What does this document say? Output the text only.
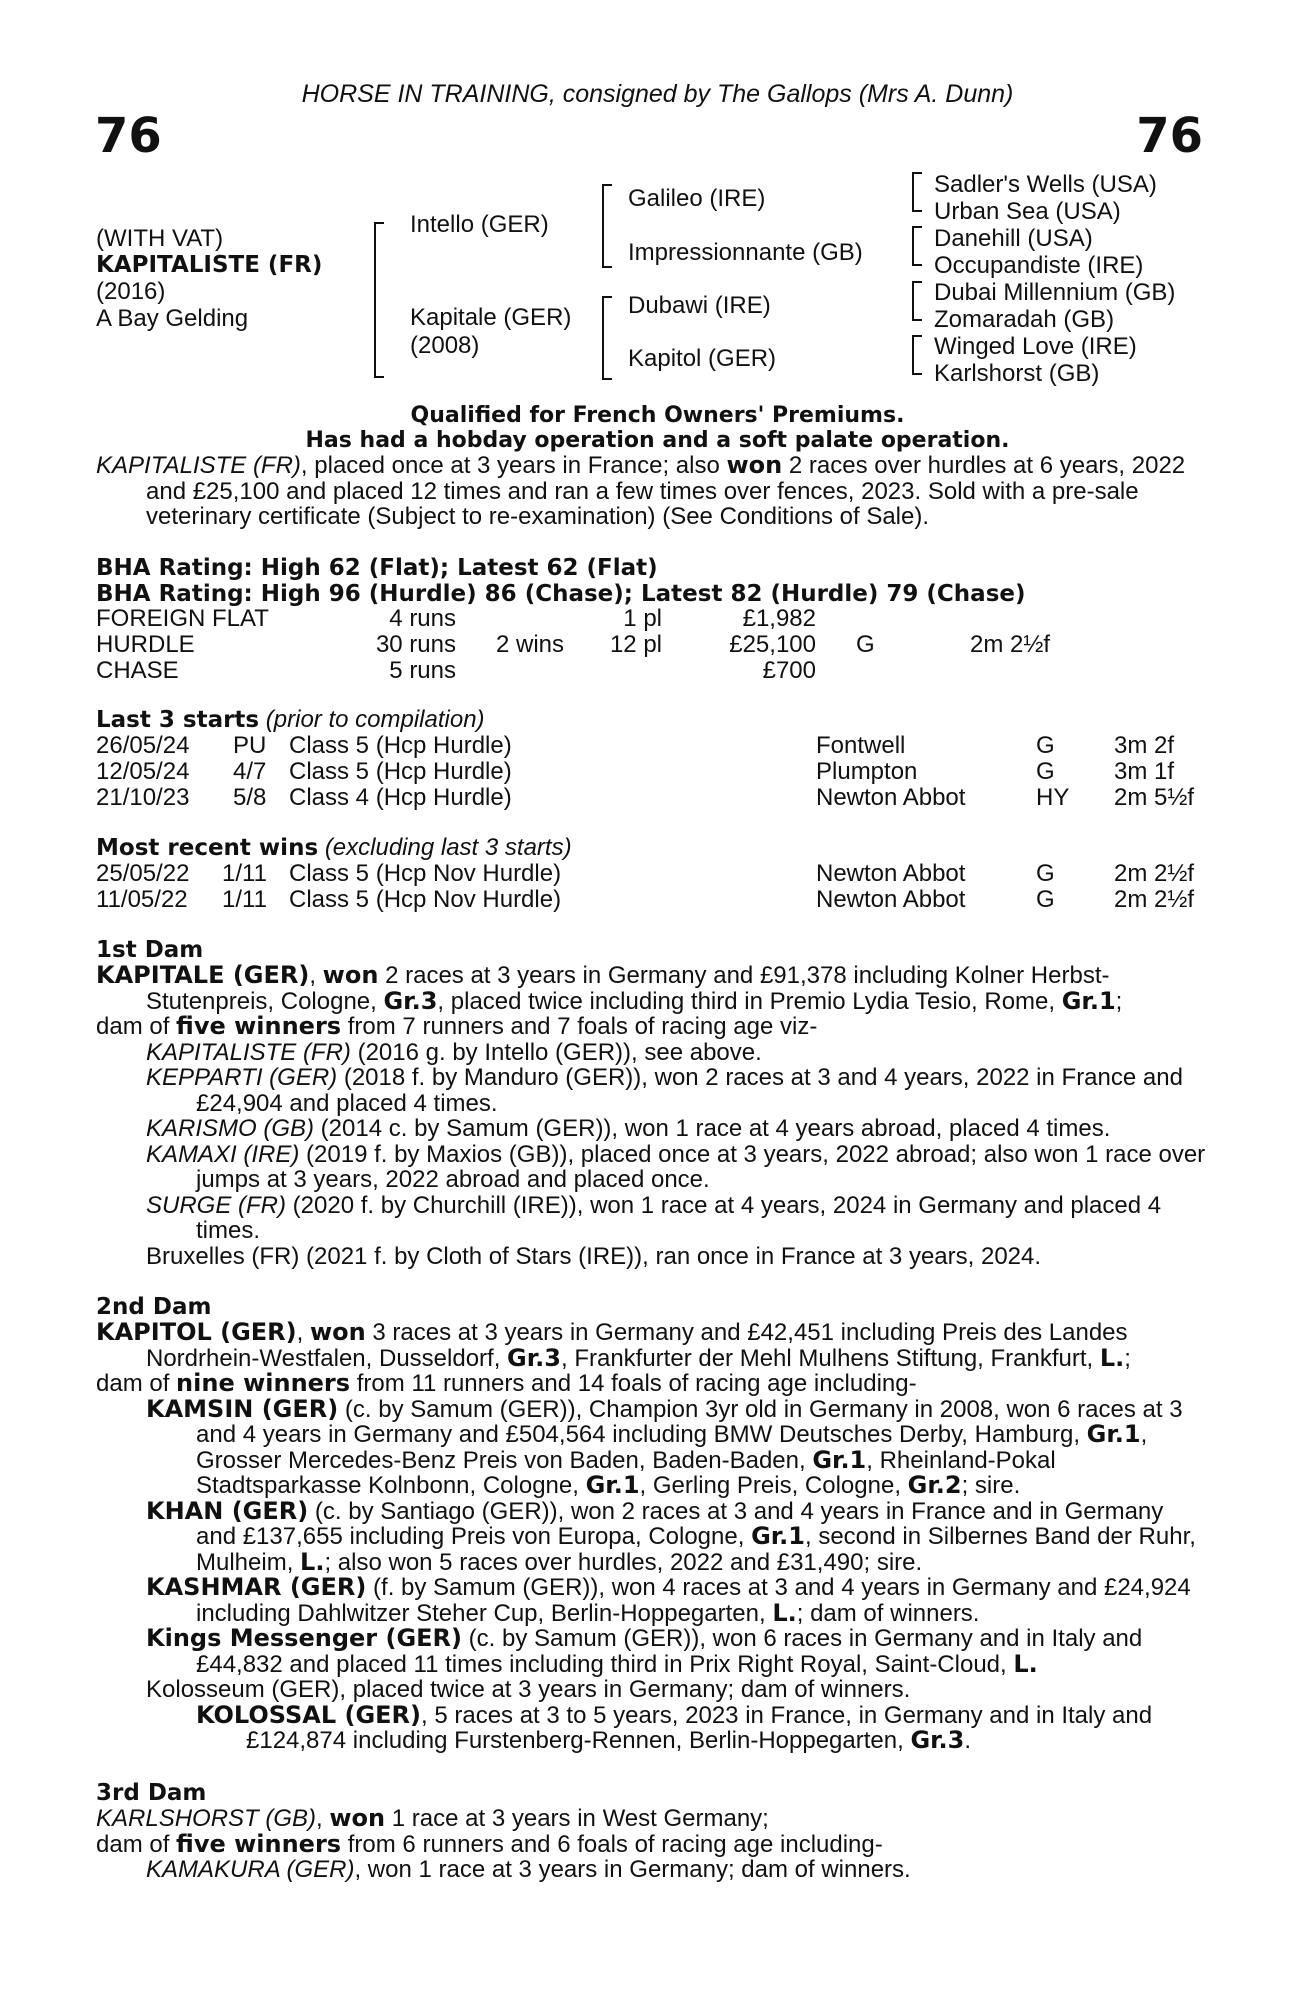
HORSE IN TRAINING, consigned by The Gallops (Mrs A. Dunn)
76	76
(WITH VAT)
KAPITALISTE (FR)
(2016)
A Bay Gelding
Intello (GER)
Kapitale (GER)
(2008)
Galileo (IRE)
Impressionnante (GB)
Dubawi (IRE)
Kapitol (GER)
Sadler's Wells (USA)
Urban Sea (USA)
Danehill (USA)
Occupandiste (IRE)
Dubai Millennium (GB)
Zomaradah (GB)
Winged Love (IRE)
Karlshorst (GB)
Qualified for French Owners' Premiums.
Has had a hobday operation and a soft palate operation.

KAPITALISTE (FR), placed once at 3 years in France; also won 2 races over hurdles at 6 years, 2022 and £25,100 and placed 12 times and ran a few times over fences, 2023. Sold with a pre-sale veterinary certificate (Subject to re-examination) (See Conditions of Sale).

BHA Rating: High 62 (Flat); Latest 62 (Flat)
BHA Rating: High 96 (Hurdle) 86 (Chase); Latest 82 (Hurdle) 79 (Chase)
FOREIGN FLAT	4 runs	1 pl	£1,982
HURDLE	30 runs 2 wins	12 pl	£25,100 G	2m 2½f
CHASE	5 runs	£700
Last 3 starts (prior to compilation)
26/05/24 PU Class 5 (Hcp Hurdle)	Fontwell	G 3m 2f
12/05/24 4/7 Class 5 (Hcp Hurdle)	Plumpton	G 3m 1f
21/10/23 5/8 Class 4 (Hcp Hurdle)	Newton Abbot	HY 2m 5½f
Most recent wins (excluding last 3 starts)
25/05/22 1/11 Class 5 (Hcp Nov Hurdle)	Newton Abbot	G 2m 2½f
11/05/22 1/11 Class 5 (Hcp Nov Hurdle)	Newton Abbot	G 2m 2½f
1st Dam

KAPITALE (GER), won 2 races at 3 years in Germany and £91,378 including Kolner Herbst-Stutenpreis, Cologne, Gr.3, placed twice including third in Premio Lydia Tesio, Rome, Gr.1;

dam of five winners from 7 runners and 7 foals of racing age viz-

KAPITALISTE (FR) (2016 g. by Intello (GER)), see above.

KEPPARTI (GER) (2018 f. by Manduro (GER)), won 2 races at 3 and 4 years, 2022 in France and £24,904 and placed 4 times.

KARISMO (GB) (2014 c. by Samum (GER)), won 1 race at 4 years abroad, placed 4 times.

KAMAXI (IRE) (2019 f. by Maxios (GB)), placed once at 3 years, 2022 abroad; also won 1 race over jumps at 3 years, 2022 abroad and placed once.

SURGE (FR) (2020 f. by Churchill (IRE)), won 1 race at 4 years, 2024 in Germany and placed 4 times.

Bruxelles (FR) (2021 f. by Cloth of Stars (IRE)), ran once in France at 3 years, 2024.

2nd Dam

KAPITOL (GER), won 3 races at 3 years in Germany and £42,451 including Preis des Landes Nordrhein-Westfalen, Dusseldorf, Gr.3, Frankfurter der Mehl Mulhens Stiftung, Frankfurt, L.;

dam of nine winners from 11 runners and 14 foals of racing age including-

KAMSIN (GER) (c. by Samum (GER)), Champion 3yr old in Germany in 2008, won 6 races at 3 and 4 years in Germany and £504,564 including BMW Deutsches Derby, Hamburg, Gr.1, Grosser Mercedes-Benz Preis von Baden, Baden-Baden, Gr.1, Rheinland-Pokal Stadtsparkasse Kolnbonn, Cologne, Gr.1, Gerling Preis, Cologne, Gr.2; sire.

KHAN (GER) (c. by Santiago (GER)), won 2 races at 3 and 4 years in France and in Germany and £137,655 including Preis von Europa, Cologne, Gr.1, second in Silbernes Band der Ruhr, Mulheim, L.; also won 5 races over hurdles, 2022 and £31,490; sire.

KASHMAR (GER) (f. by Samum (GER)), won 4 races at 3 and 4 years in Germany and £24,924 including Dahlwitzer Steher Cup, Berlin-Hoppegarten, L.; dam of winners.

Kings Messenger (GER) (c. by Samum (GER)), won 6 races in Germany and in Italy and £44,832 and placed 11 times including third in Prix Right Royal, Saint-Cloud, L.

Kolosseum (GER), placed twice at 3 years in Germany; dam of winners.

KOLOSSAL (GER), 5 races at 3 to 5 years, 2023 in France, in Germany and in Italy and £124,874 including Furstenberg-Rennen, Berlin-Hoppegarten, Gr.3.

3rd Dam

KARLSHORST (GB), won 1 race at 3 years in West Germany;

dam of five winners from 6 runners and 6 foals of racing age including-

KAMAKURA (GER), won 1 race at 3 years in Germany; dam of winners.
